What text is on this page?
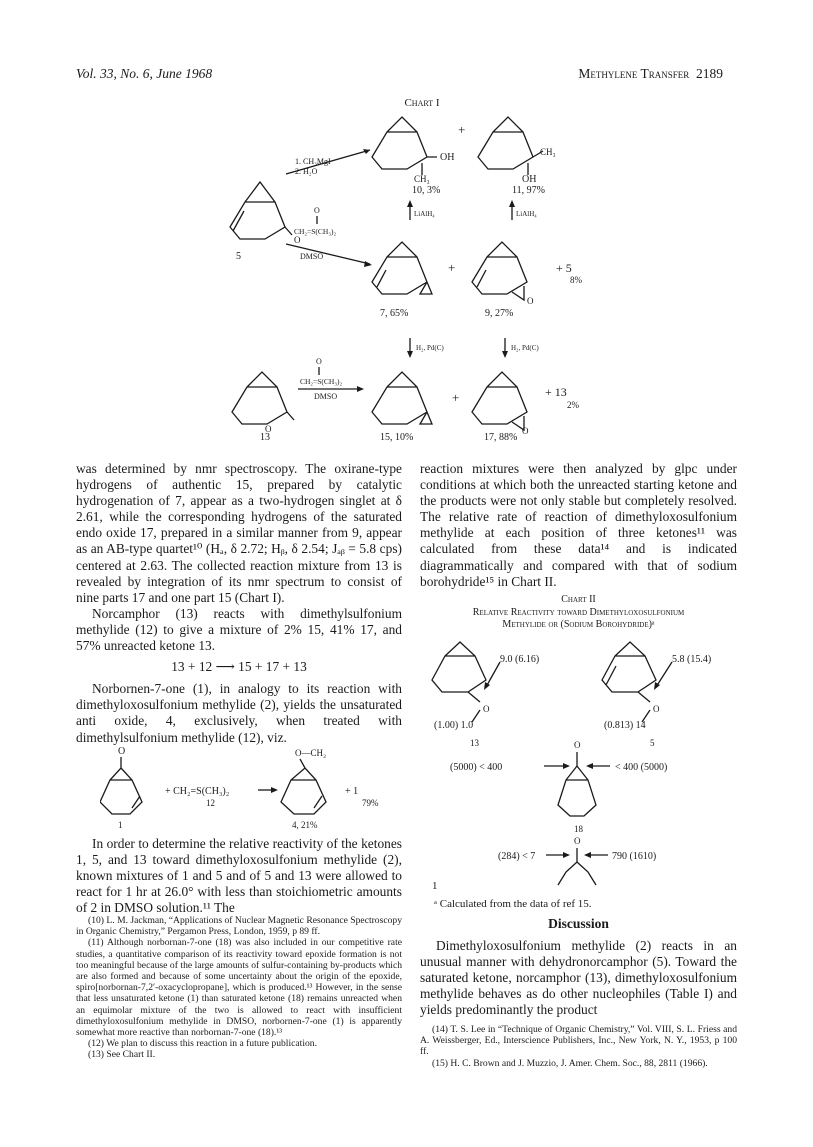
Vol. 33, No. 6, June 1968	Methylene Transfer 2189
Chart I
5
O
1. CH₃MgI
2. H₂O
OH
CH₃
10, 3%
+
CH₃
OH
11, 97%
LiAlH₄	LiAlH₄
O
CH₂=S(CH₃)₂
DMSO
+
O
+ 5
8%
7, 65%	9, 27%
H₂, Pd(C)	H₂, Pd(C)
O
13
O
CH₂=S(CH₃)₂
DMSO	+
O
+ 13
2%
15, 10%	17, 88%

was determined by nmr spectroscopy. The oxirane-type hydrogens of authentic 15, prepared by catalytic hydrogenation of 7, appear as a two-hydrogen singlet at δ 2.61, while the corresponding hydrogens of the saturated endo oxide 17, prepared in a similar manner from 9, appear as an AB-type quartet¹⁰ (Hₐ, δ 2.72; Hᵦ, δ 2.54; Jₐᵦ = 5.8 cps) centered at 2.63. The collected reaction mixture from 13 is revealed by integration of its nmr spectrum to consist of nine parts 17 and one part 15 (Chart I).

Norcamphor (13) reacts with dimethylsulfonium methylide (12) to give a mixture of 2% 15, 41% 17, and 57% unreacted ketone 13.

13 + 12 ⟶ 15 + 17 + 13

Norbornen-7-one (1), in analogy to its reaction with dimethyloxosulfonium methylide (2), yields the unsaturated anti oxide, 4, exclusively, when treated with dimethylsulfonium methylide (12), viz.

O
+ CH₂=S(CH₃)₂
12
O—CH₂
+ 1
79%
1	4, 21%

In order to determine the relative reactivity of the ketones 1, 5, and 13 toward dimethyloxosulfonium methylide (2), known mixtures of 1 and 5 and of 5 and 13 were allowed to react for 1 hr at 26.0° with less than stoichiometric amounts of 2 in DMSO solution.¹¹ The

(10) L. M. Jackman, “Applications of Nuclear Magnetic Resonance Spectroscopy in Organic Chemistry,” Pergamon Press, London, 1959, p 89 ff.

(11) Although norbornan-7-one (18) was also included in our competitive rate studies, a quantitative comparison of its reactivity toward epoxide formation is not too meaningful because of the large amounts of sulfur-containing by-products which are also formed and because of some uncertainty about the origin of the epoxide, spiro[norbornan-7,2′-oxacyclopropane], which is produced.¹³ However, in the sense that less unsaturated ketone (1) than saturated ketone (18) remains unreacted when an equimolar mixture of the two is allowed to react with insufficient dimethyloxosulfonium methylide in DMSO, norbornen-7-one (1) is apparently somewhat more reactive than norbornan-7-one (18).¹³

(12) We plan to discuss this reaction in a future publication.

(13) See Chart II.

reaction mixtures were then analyzed by glpc under conditions at which both the unreacted starting ketone and the products were not only stable but completely resolved. The relative rate of reaction of dimethyloxosulfonium methylide at each position of three ketones¹¹ was calculated from these data¹⁴ and is indicated diagrammatically and compared with that of sodium borohydride¹⁵ in Chart II.

Chart II
Relative Reactivity toward Dimethyloxosulfonium
Methylide or (Sodium Borohydride)ᵃ
O
9.0 (6.16)
(1.00) 1.0
13
O
5.8 (15.4)
(0.813) 14
5
O
(5000) < 400	< 400 (5000)
18
O
(284) < 7	790 (1610)
1
ᵃ Calculated from the data of ref 15.
Discussion

Dimethyloxosulfonium methylide (2) reacts in an unusual manner with dehydronorcamphor (5). Toward the saturated ketone, norcamphor (13), dimethyloxosulfonium methylide behaves as do other nucleophiles (Table I) and yields predominantly the product

(14) T. S. Lee in “Technique of Organic Chemistry,” Vol. VIII, S. L. Friess and A. Weissberger, Ed., Interscience Publishers, Inc., New York, N. Y., 1953, p 100 ff.

(15) H. C. Brown and J. Muzzio, J. Amer. Chem. Soc., 88, 2811 (1966).
